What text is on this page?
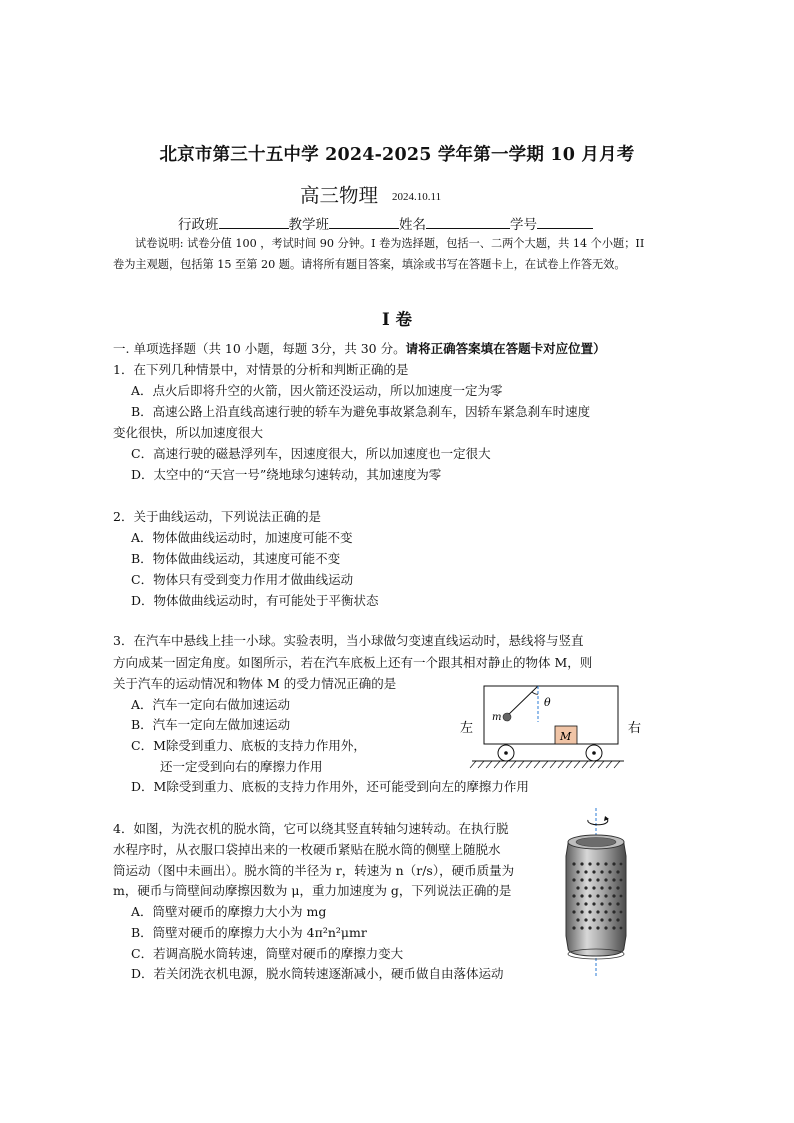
北京市第三十五中学 2024-2025 学年第一学期 10 月月考
高三物理 2024.10.11
行政班	教学班	姓名	学号
试卷说明: 试卷分值 100 ，考试时间 90 分钟。I 卷为选择题，包括一、二两个大题，共 14 个小题；II 卷为主观题，包括第 15 至第 20 题。请将所有题目答案，填涂或书写在答题卡上，在试卷上作答无效。
I 卷
一. 单项选择题（共 10 小题，每题 3分，共 30 分。请将正确答案填在答题卡对应位置）
1．在下列几种情景中，对情景的分析和判断正确的是
A．点火后即将升空的火箭，因火箭还没运动，所以加速度一定为零
B．高速公路上沿直线高速行驶的轿车为避免事故紧急刹车，因轿车紧急刹车时速度
变化很快，所以加速度很大
C．高速行驶的磁悬浮列车，因速度很大，所以加速度也一定很大
D．太空中的“天宫一号”绕地球匀速转动，其加速度为零
2．关于曲线运动，下列说法正确的是
A．物体做曲线运动时，加速度可能不变
B．物体做曲线运动，其速度可能不变
C．物体只有受到变力作用才做曲线运动
D．物体做曲线运动时，有可能处于平衡状态
3．在汽车中悬线上挂一小球。实验表明，当小球做匀变速直线运动时，悬线将与竖直
方向成某一固定角度。如图所示，若在汽车底板上还有一个跟其相对静止的物体 M，则
关于汽车的运动情况和物体 M 的受力情况正确的是
A．汽车一定向右做加速运动
B．汽车一定向左做加速运动
C．M除受到重力、底板的支持力作用外，
还一定受到向右的摩擦力作用
D．M除受到重力、底板的支持力作用外，还可能受到向左的摩擦力作用
左	右
θ
m
M
4．如图，为洗衣机的脱水筒，它可以绕其竖直转轴匀速转动。在执行脱
水程序时，从衣服口袋掉出来的一枚硬币紧贴在脱水筒的侧壁上随脱水
筒运动（图中未画出）。脱水筒的半径为 r，转速为 n（r/s），硬币质量为
m，硬币与筒壁间动摩擦因数为 μ，重力加速度为 g，下列说法正确的是
A．筒壁对硬币的摩擦力大小为 mg
B．筒壁对硬币的摩擦力大小为 4π²n²μmr
C．若调高脱水筒转速，筒壁对硬币的摩擦力变大
D．若关闭洗衣机电源，脱水筒转速逐渐减小，硬币做自由落体运动
